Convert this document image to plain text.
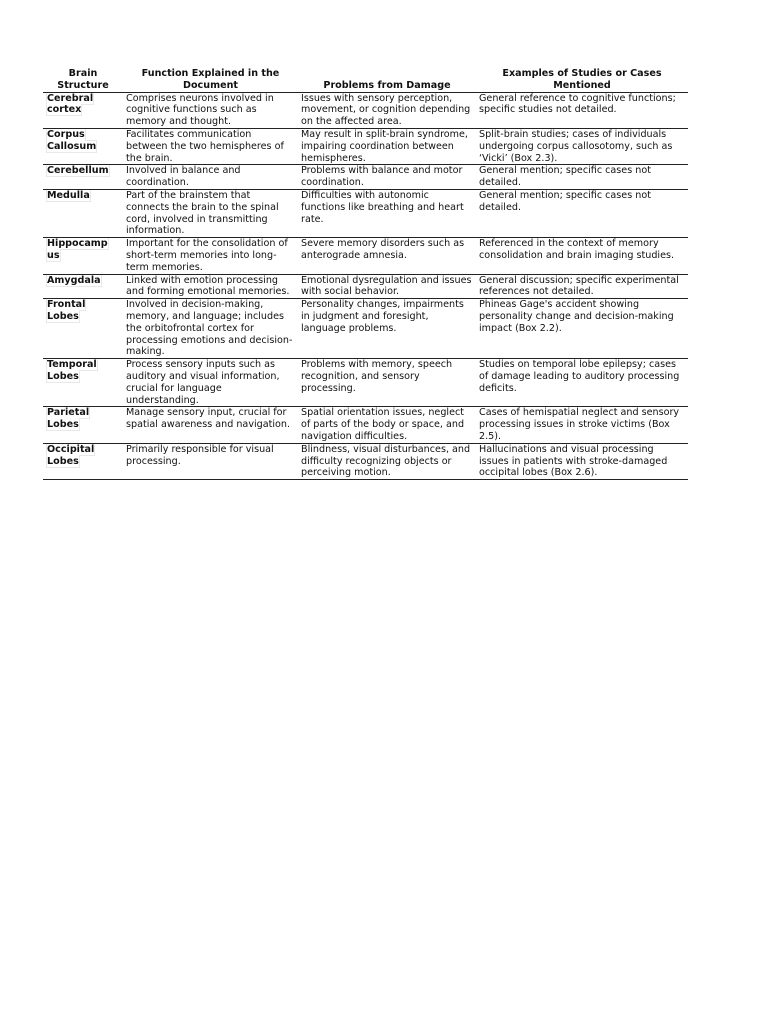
Brain Structure	Function Explained in the Document	Problems from Damage	Examples of Studies or Cases Mentioned
Cerebral cortex	Comprises neurons involved in cognitive functions such as memory and thought.	Issues with sensory perception, movement, or cognition depending on the affected area.	General reference to cognitive functions; specific studies not detailed.
Corpus Callosum	Facilitates communication between the two hemispheres of the brain.	May result in split-brain syndrome, impairing coordination between hemispheres.	Split-brain studies; cases of individuals undergoing corpus callosotomy, such as ‘Vicki’ (Box 2.3).
Cerebellum	Involved in balance and coordination.	Problems with balance and motor coordination.	General mention; specific cases not detailed.
Medulla	Part of the brainstem that connects the brain to the spinal cord, involved in transmitting information.	Difficulties with autonomic functions like breathing and heart rate.	General mention; specific cases not detailed.
Hippocamp us	Important for the consolidation of short-term memories into long-term memories.	Severe memory disorders such as anterograde amnesia.	Referenced in the context of memory consolidation and brain imaging studies.
Amygdala	Linked with emotion processing and forming emotional memories.	Emotional dysregulation and issues with social behavior.	General discussion; specific experimental references not detailed.
Frontal Lobes	Involved in decision-making, memory, and language; includes the orbitofrontal cortex for processing emotions and decision-making.	Personality changes, impairments in judgment and foresight, language problems.	Phineas Gage's accident showing personality change and decision-making impact (Box 2.2).
Temporal Lobes	Process sensory inputs such as auditory and visual information, crucial for language understanding.	Problems with memory, speech recognition, and sensory processing.	Studies on temporal lobe epilepsy; cases of damage leading to auditory processing deficits.
Parietal Lobes	Manage sensory input, crucial for spatial awareness and navigation.	Spatial orientation issues, neglect of parts of the body or space, and navigation difficulties.	Cases of hemispatial neglect and sensory processing issues in stroke victims (Box 2.5).
Occipital Lobes	Primarily responsible for visual processing.	Blindness, visual disturbances, and difficulty recognizing objects or perceiving motion.	Hallucinations and visual processing issues in patients with stroke-damaged occipital lobes (Box 2.6).
